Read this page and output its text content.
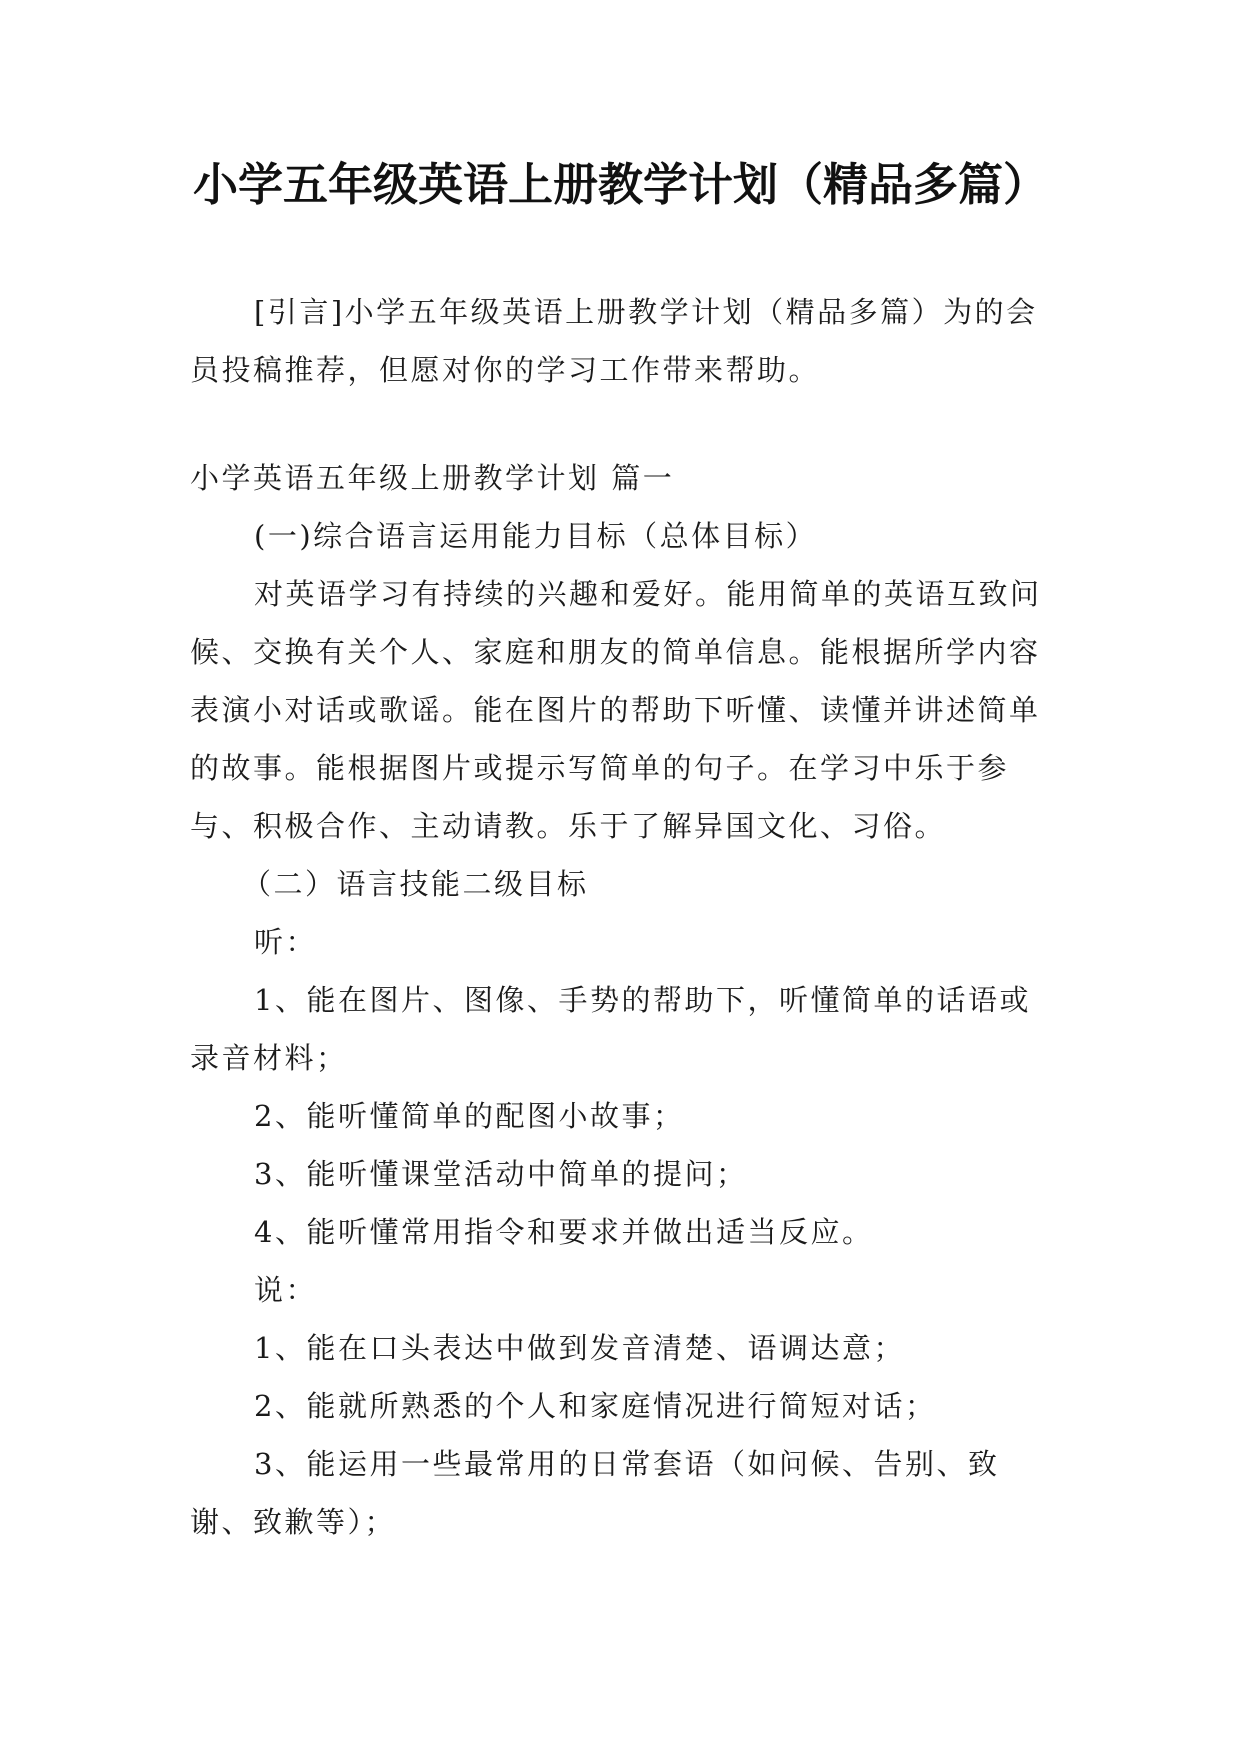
小学五年级英语上册教学计划（精品多篇）

[引言]小学五年级英语上册教学计划（精品多篇）为的会员投稿推荐，但愿对你的学习工作带来帮助。

小学英语五年级上册教学计划 篇一

(一)综合语言运用能力目标（总体目标）

对英语学习有持续的兴趣和爱好。能用简单的英语互致问候、交换有关个人、家庭和朋友的简单信息。能根据所学内容表演小对话或歌谣。能在图片的帮助下听懂、读懂并讲述简单的故事。能根据图片或提示写简单的句子。在学习中乐于参与、积极合作、主动请教。乐于了解异国文化、习俗。

（二）语言技能二级目标

听：

1、能在图片、图像、手势的帮助下，听懂简单的话语或录音材料；

2、能听懂简单的配图小故事；

3、能听懂课堂活动中简单的提问；

4、能听懂常用指令和要求并做出适当反应。

说：

1、能在口头表达中做到发音清楚、语调达意；

2、能就所熟悉的个人和家庭情况进行简短对话；

3、能运用一些最常用的日常套语（如问候、告别、致谢、致歉等）；
